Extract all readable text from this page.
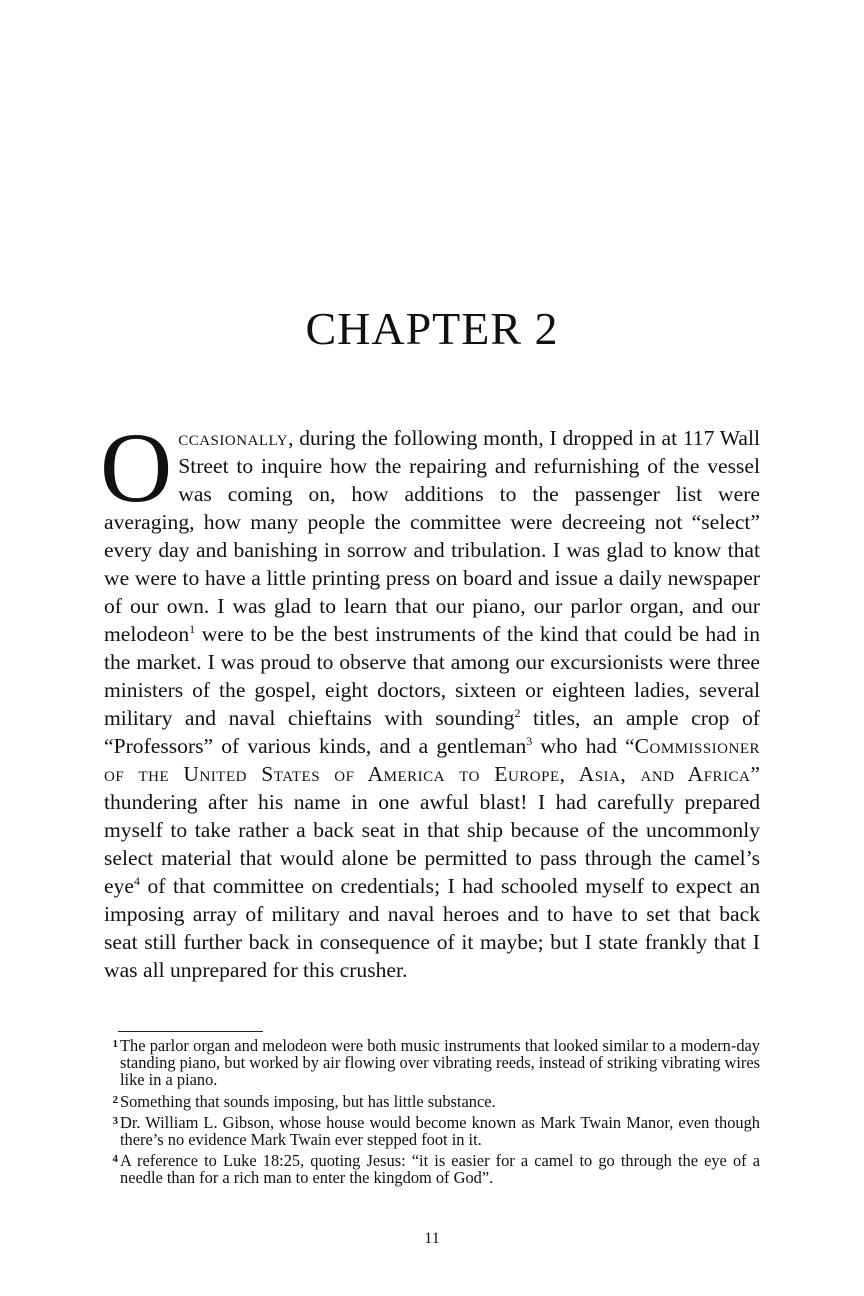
CHAPTER 2

Occasionally, during the following month, I dropped in at 117 Wall Street to inquire how the repairing and refurnishing of the vessel was coming on, how additions to the passenger list were averaging, how many people the committee were decreeing not “select” every day and banishing in sorrow and tribulation. I was glad to know that we were to have a little printing press on board and issue a daily newspaper of our own. I was glad to learn that our piano, our parlor organ, and our melodeon$^1$ were to be the best instruments of the kind that could be had in the market. I was proud to observe that among our excursionists were three ministers of the gospel, eight doctors, sixteen or eighteen ladies, several military and naval chieftains with sounding$^2$ titles, an ample crop of “Professors” of various kinds, and a gentleman$^3$ who had “Commissioner of the United States of America to Europe, Asia, and Africa” thundering after his name in one awful blast! I had carefully prepared myself to take rather a back seat in that ship because of the uncommonly select material that would alone be permitted to pass through the camel’s eye$^4$ of that committee on credentials; I had schooled myself to expect an imposing array of military and naval heroes and to have to set that back seat still further back in consequence of it maybe; but I state frankly that I was all unprepared for this crusher.

1 The parlor organ and melodeon were both music instruments that looked similar to a modern-day standing piano, but worked by air flowing over vibrating reeds, instead of striking vibrating wires like in a piano.
2 Something that sounds imposing, but has little substance.
3 Dr. William L. Gibson, whose house would become known as Mark Twain Manor, even though there’s no evidence Mark Twain ever stepped foot in it.
4 A reference to Luke 18:25, quoting Jesus: “it is easier for a camel to go through the eye of a needle than for a rich man to enter the kingdom of God”.
11
